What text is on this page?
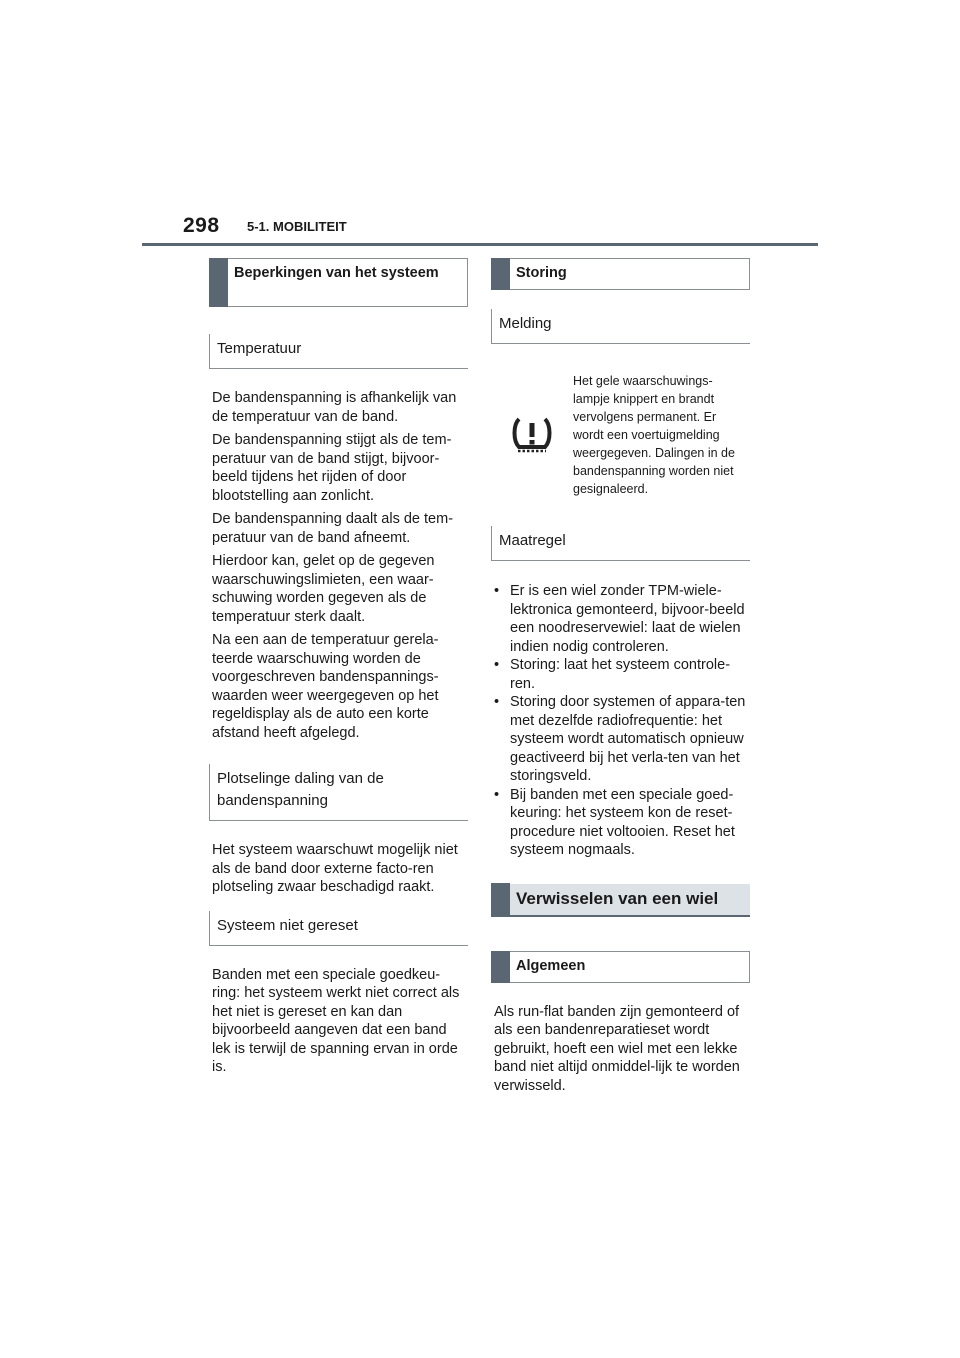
298 5-1. MOBILITEIT
Beperkingen van het systeem
Temperatuur

De bandenspanning is afhankelijk van de temperatuur van de band.

De bandenspanning stijgt als de tem-peratuur van de band stijgt, bijvoor-beeld tijdens het rijden of door blootstelling aan zonlicht.

De bandenspanning daalt als de tem-peratuur van de band afneemt.

Hierdoor kan, gelet op de gegeven waarschuwingslimieten, een waar-schuwing worden gegeven als de temperatuur sterk daalt.

Na een aan de temperatuur gerela-teerde waarschuwing worden de voorgeschreven bandenspannings-waarden weer weergegeven op het regeldisplay als de auto een korte afstand heeft afgelegd.

Plotselinge daling van de bandenspanning

Het systeem waarschuwt mogelijk niet als de band door externe facto-ren plotseling zwaar beschadigd raakt.

Systeem niet gereset

Banden met een speciale goedkeu-ring: het systeem werkt niet correct als het niet is gereset en kan dan bijvoorbeeld aangeven dat een band lek is terwijl de spanning ervan in orde is.

Storing
Melding
Het gele waarschuwings-lampje knippert en brandt vervolgens permanent. Er wordt een voertuigmelding weergegeven. Dalingen in de bandenspanning worden niet gesignaleerd.
Maatregel
• Er is een wiel zonder TPM-wiele-lektronica gemonteerd, bijvoor-beeld een noodreservewiel: laat de wielen indien nodig controleren.
• Storing: laat het systeem controle-ren.
• Storing door systemen of appara-ten met dezelfde radiofrequentie: het systeem wordt automatisch opnieuw geactiveerd bij het verla-ten van het storingsveld.
• Bij banden met een speciale goed-keuring: het systeem kon de reset-procedure niet voltooien. Reset het systeem nogmaals.
Verwisselen van een wiel
Algemeen

Als run-flat banden zijn gemonteerd of als een bandenreparatieset wordt gebruikt, hoeft een wiel met een lekke band niet altijd onmiddel-lijk te worden verwisseld.
